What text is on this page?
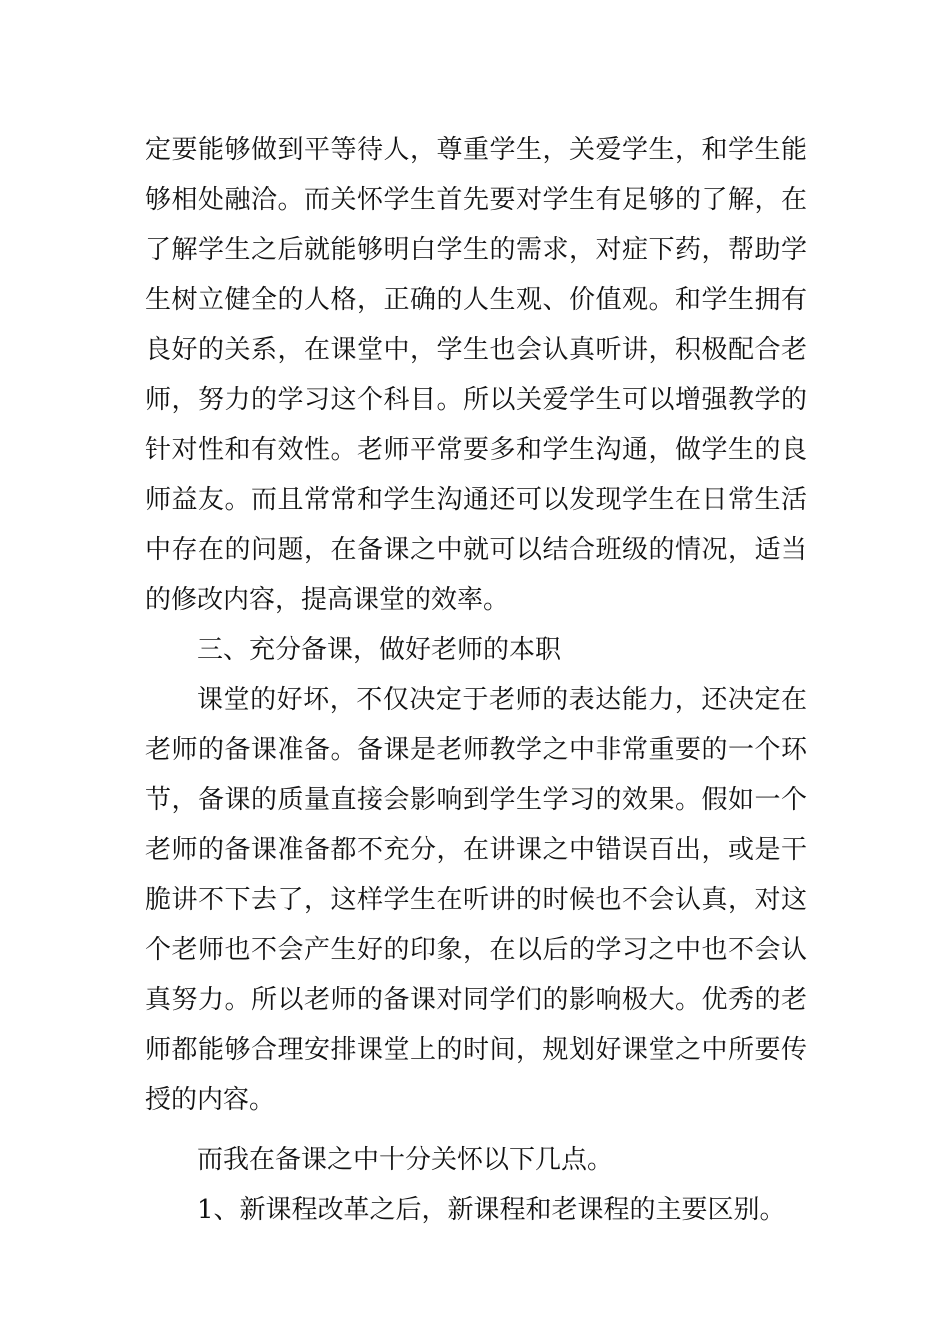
定要能够做到平等待人，尊重学生，关爱学生，和学生能
够相处融洽。而关怀学生首先要对学生有足够的了解，在
了解学生之后就能够明白学生的需求，对症下药，帮助学
生树立健全的人格，正确的人生观、价值观。和学生拥有
良好的关系，在课堂中，学生也会认真听讲，积极配合老
师，努力的学习这个科目。所以关爱学生可以增强教学的
针对性和有效性。老师平常要多和学生沟通，做学生的良
师益友。而且常常和学生沟通还可以发现学生在日常生活
中存在的问题，在备课之中就可以结合班级的情况，适当
的修改内容，提高课堂的效率。
三、充分备课，做好老师的本职
课堂的好坏，不仅决定于老师的表达能力，还决定在
老师的备课准备。备课是老师教学之中非常重要的一个环
节，备课的质量直接会影响到学生学习的效果。假如一个
老师的备课准备都不充分，在讲课之中错误百出，或是干
脆讲不下去了，这样学生在听讲的时候也不会认真，对这
个老师也不会产生好的印象，在以后的学习之中也不会认
真努力。所以老师的备课对同学们的影响极大。优秀的老
师都能够合理安排课堂上的时间，规划好课堂之中所要传
授的内容。
而我在备课之中十分关怀以下几点。
1、新课程改革之后，新课程和老课程的主要区别。
